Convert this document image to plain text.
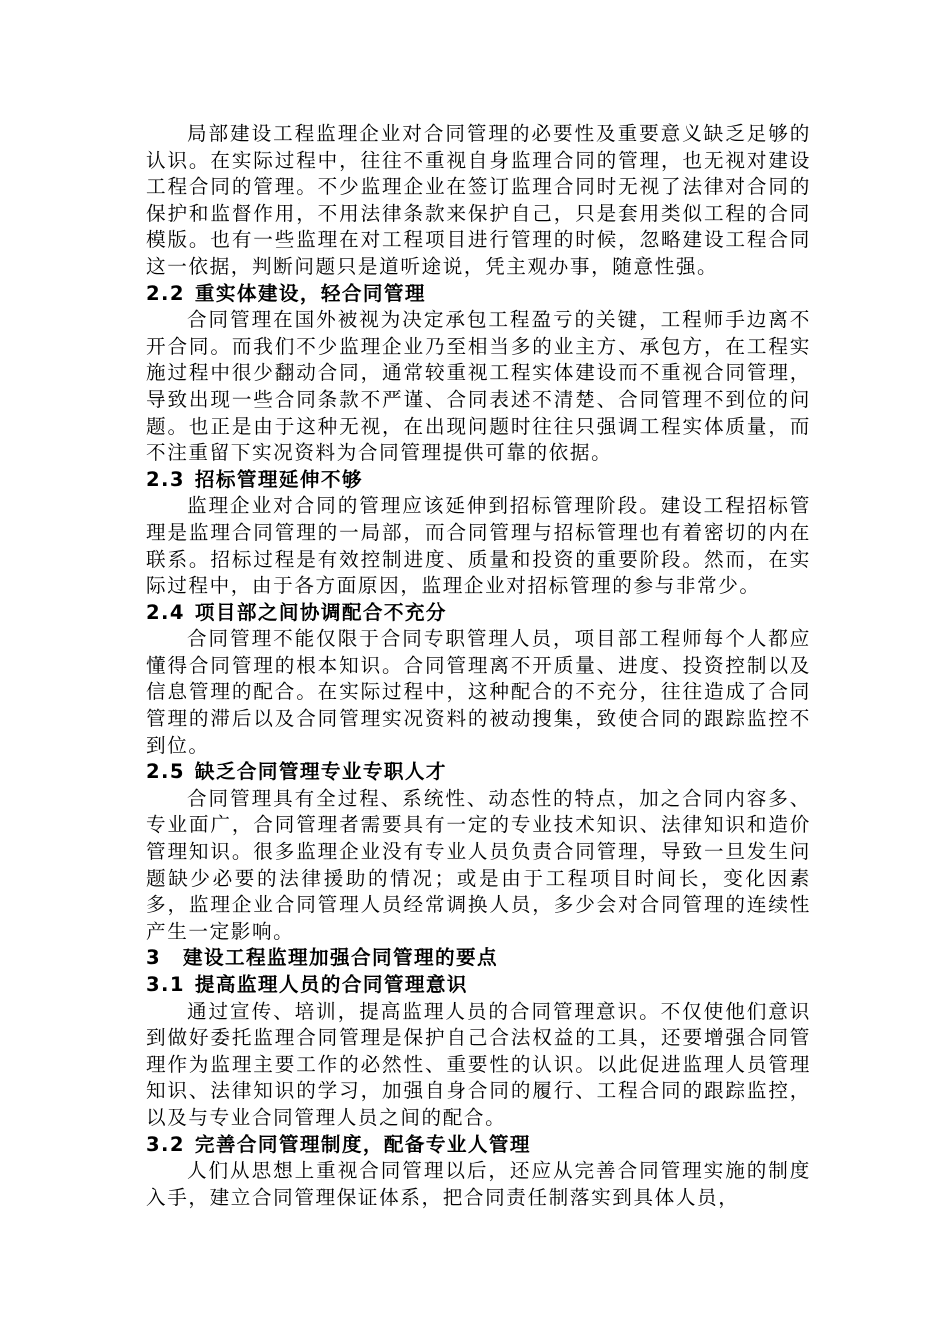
局部建设工程监理企业对合同管理的必要性及重要意义缺乏足够的认识。在实际过程中，往往不重视自身监理合同的管理，也无视对建设工程合同的管理。不少监理企业在签订监理合同时无视了法律对合同的保护和监督作用，不用法律条款来保护自己，只是套用类似工程的合同模版。也有一些监理在对工程项目进行管理的时候，忽略建设工程合同这一依据，判断问题只是道听途说，凭主观办事，随意性强。

2.2 重实体建设，轻合同管理

合同管理在国外被视为决定承包工程盈亏的关键，工程师手边离不开合同。而我们不少监理企业乃至相当多的业主方、承包方，在工程实施过程中很少翻动合同，通常较重视工程实体建设而不重视合同管理，导致出现一些合同条款不严谨、合同表述不清楚、合同管理不到位的问题。也正是由于这种无视，在出现问题时往往只强调工程实体质量，而不注重留下实况资料为合同管理提供可靠的依据。

2.3 招标管理延伸不够

监理企业对合同的管理应该延伸到招标管理阶段。建设工程招标管理是监理合同管理的一局部，而合同管理与招标管理也有着密切的内在联系。招标过程是有效控制进度、质量和投资的重要阶段。然而，在实际过程中，由于各方面原因，监理企业对招标管理的参与非常少。

2.4 项目部之间协调配合不充分

合同管理不能仅限于合同专职管理人员，项目部工程师每个人都应懂得合同管理的根本知识。合同管理离不开质量、进度、投资控制以及信息管理的配合。在实际过程中，这种配合的不充分，往往造成了合同管理的滞后以及合同管理实况资料的被动搜集，致使合同的跟踪监控不到位。

2.5 缺乏合同管理专业专职人才

合同管理具有全过程、系统性、动态性的特点，加之合同内容多、专业面广，合同管理者需要具有一定的专业技术知识、法律知识和造价管理知识。很多监理企业没有专业人员负责合同管理，导致一旦发生问题缺少必要的法律援助的情况；或是由于工程项目时间长，变化因素多，监理企业合同管理人员经常调换人员，多少会对合同管理的连续性产生一定影响。

3 建设工程监理加强合同管理的要点
3.1 提高监理人员的合同管理意识

通过宣传、培训，提高监理人员的合同管理意识。不仅使他们意识到做好委托监理合同管理是保护自己合法权益的工具，还要增强合同管理作为监理主要工作的必然性、重要性的认识。以此促进监理人员管理知识、法律知识的学习，加强自身合同的履行、工程合同的跟踪监控，以及与专业合同管理人员之间的配合。

3.2 完善合同管理制度，配备专业人管理

人们从思想上重视合同管理以后，还应从完善合同管理实施的制度入手，建立合同管理保证体系，把合同责任制落实到具体人员，
